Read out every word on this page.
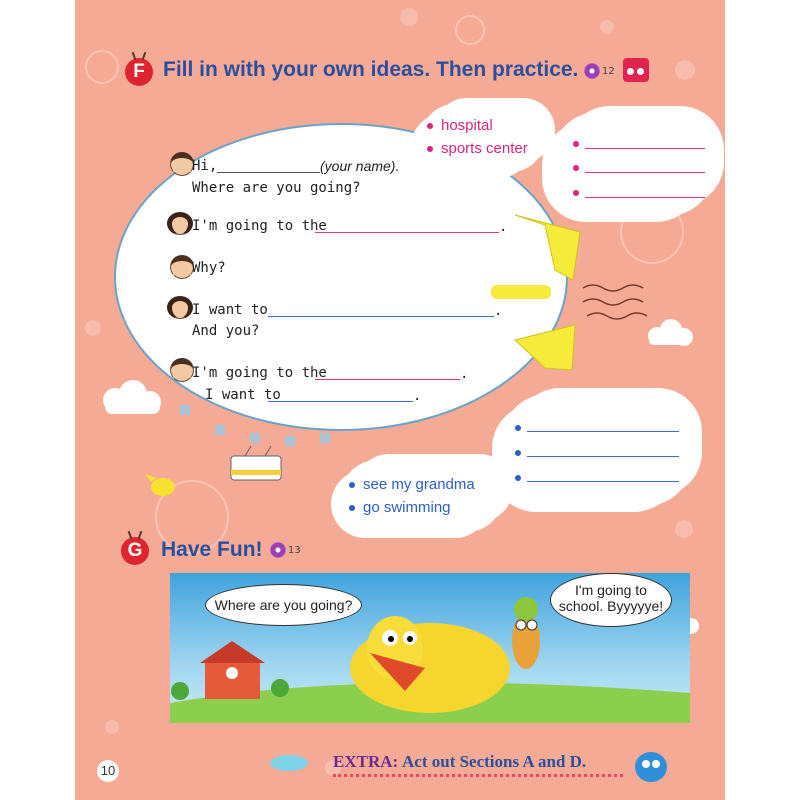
F Fill in with your own ideas. Then practice. 12
Hi,	(your name).
Where are you going?
I'm going to the	.
Why?
I want to	.
And you?
I'm going to the	.
I want to	.
hospital
sports center
see my grandma
go swimming
G Have Fun!	13
Where are you going?
I'm going to
school. Byyyyye!
10	EXTRA: Act out Sections A and D.
